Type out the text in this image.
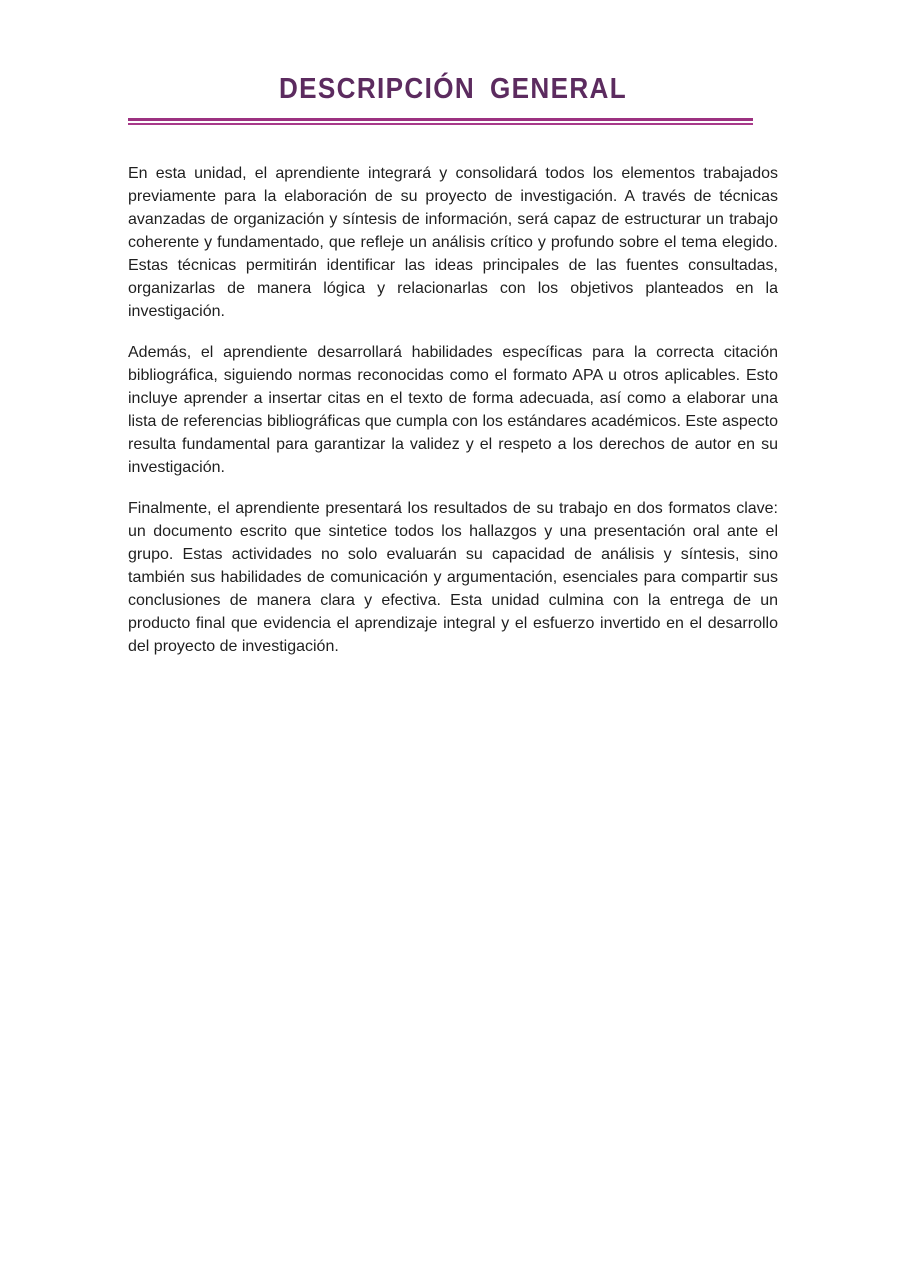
DESCRIPCIÓN GENERAL

En esta unidad, el aprendiente integrará y consolidará todos los elementos trabajados previamente para la elaboración de su proyecto de investigación. A través de técnicas avanzadas de organización y síntesis de información, será capaz de estructurar un trabajo coherente y fundamentado, que refleje un análisis crítico y profundo sobre el tema elegido. Estas técnicas permitirán identificar las ideas principales de las fuentes consultadas, organizarlas de manera lógica y relacionarlas con los objetivos planteados en la investigación.

Además, el aprendiente desarrollará habilidades específicas para la correcta citación bibliográfica, siguiendo normas reconocidas como el formato APA u otros aplicables. Esto incluye aprender a insertar citas en el texto de forma adecuada, así como a elaborar una lista de referencias bibliográficas que cumpla con los estándares académicos. Este aspecto resulta fundamental para garantizar la validez y el respeto a los derechos de autor en su investigación.

Finalmente, el aprendiente presentará los resultados de su trabajo en dos formatos clave: un documento escrito que sintetice todos los hallazgos y una presentación oral ante el grupo. Estas actividades no solo evaluarán su capacidad de análisis y síntesis, sino también sus habilidades de comunicación y argumentación, esenciales para compartir sus conclusiones de manera clara y efectiva. Esta unidad culmina con la entrega de un producto final que evidencia el aprendizaje integral y el esfuerzo invertido en el desarrollo del proyecto de investigación.
